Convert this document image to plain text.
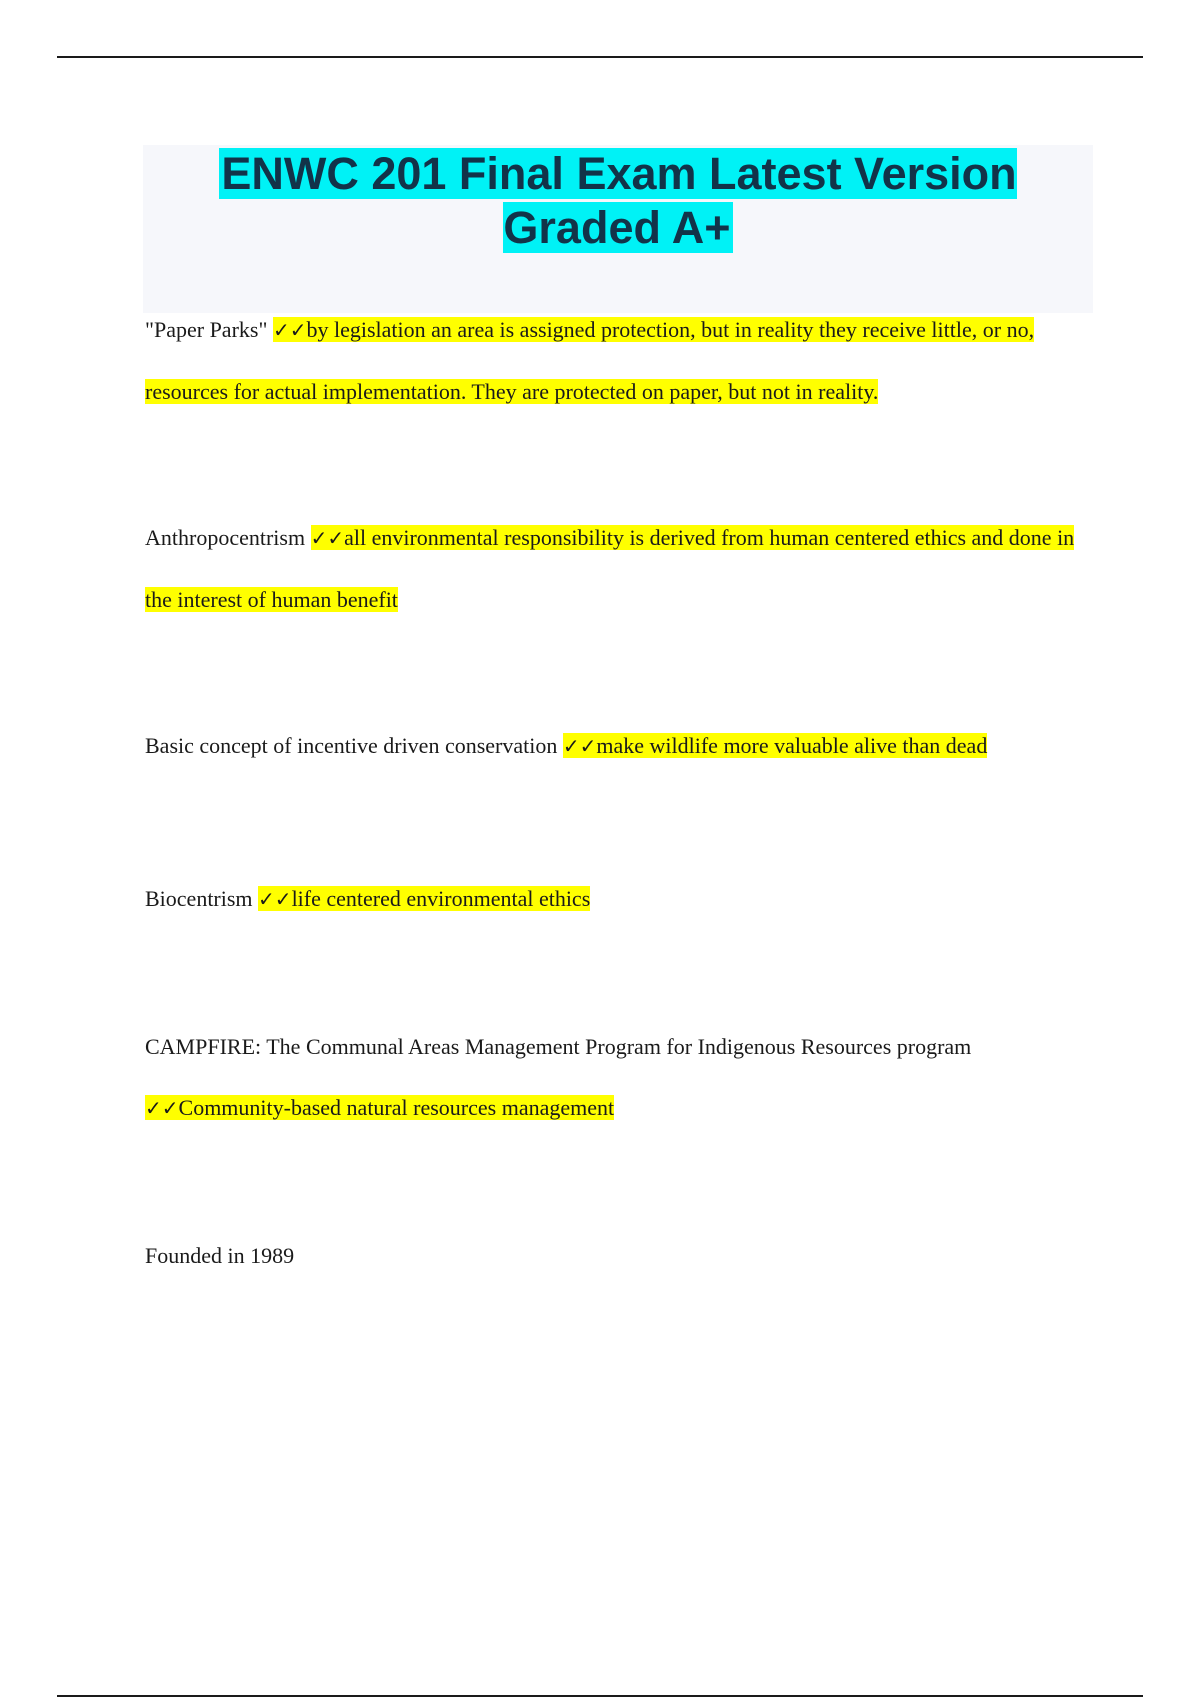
ENWC 201 Final Exam Latest Version Graded A+

"Paper Parks" ✓✓by legislation an area is assigned protection, but in reality they receive little, or no, resources for actual implementation. They are protected on paper, but not in reality.

Anthropocentrism ✓✓all environmental responsibility is derived from human centered ethics and done in the interest of human benefit

Basic concept of incentive driven conservation ✓✓make wildlife more valuable alive than dead

Biocentrism ✓✓life centered environmental ethics

CAMPFIRE: The Communal Areas Management Program for Indigenous Resources program ✓✓Community-based natural resources management

Founded in 1989
